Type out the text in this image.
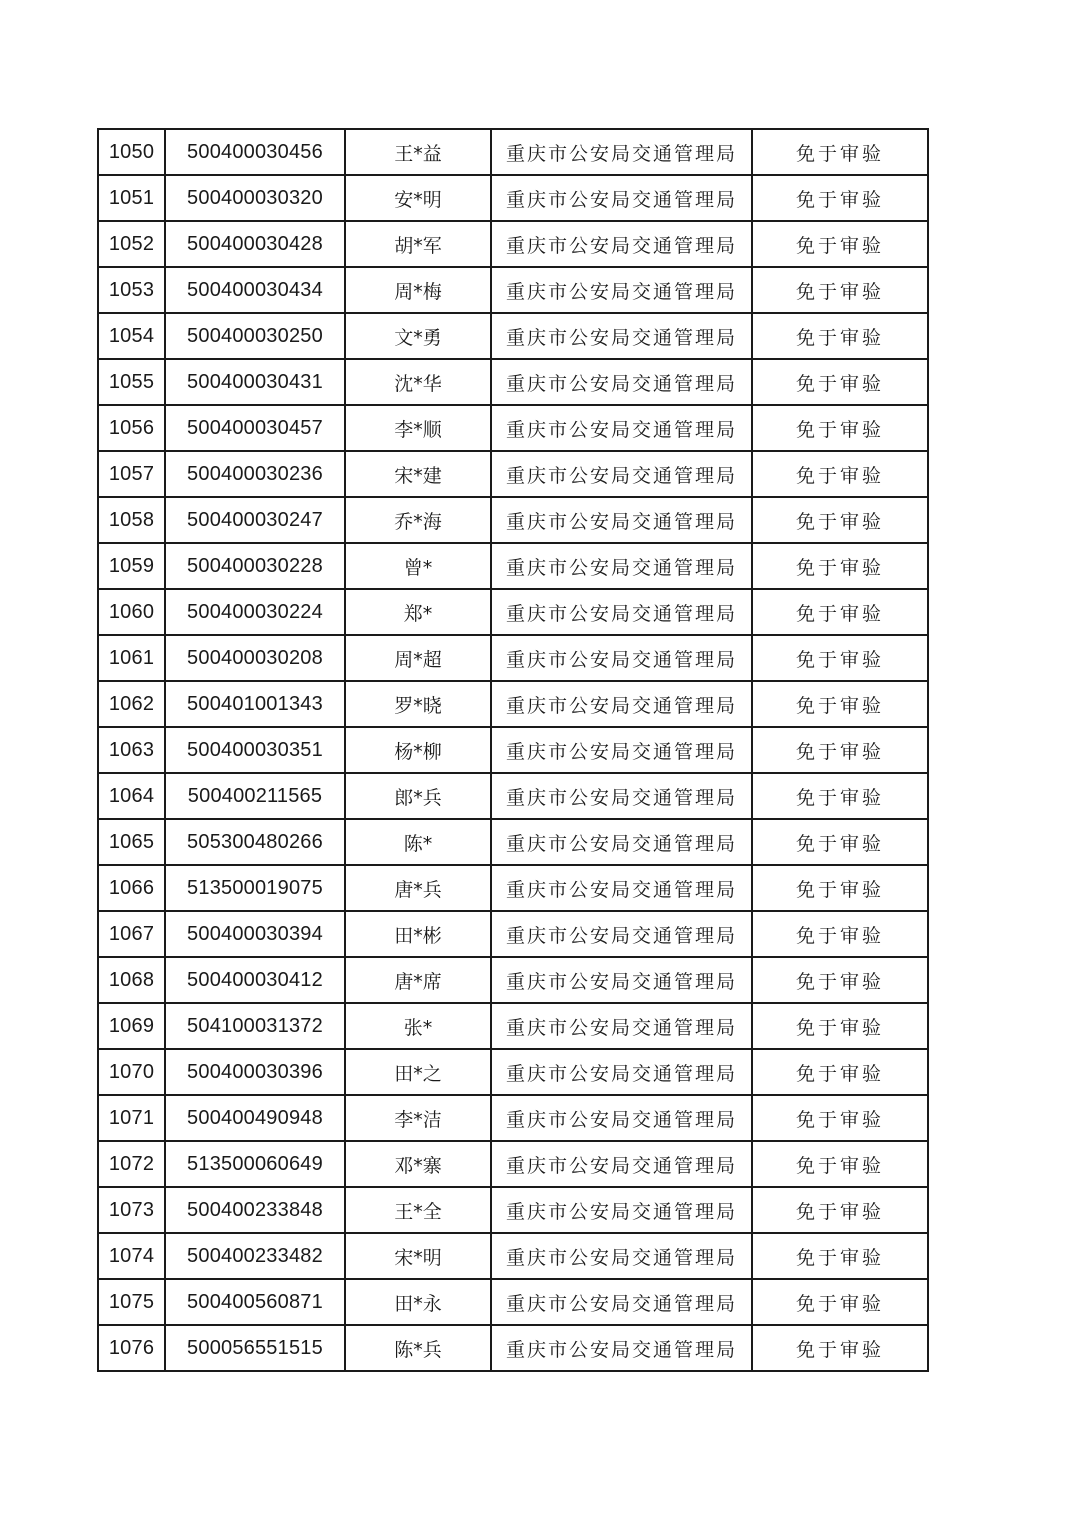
1050	500400030456	王*益	重庆市公安局交通管理局	免于审验
1051	500400030320	安*明	重庆市公安局交通管理局	免于审验
1052	500400030428	胡*军	重庆市公安局交通管理局	免于审验
1053	500400030434	周*梅	重庆市公安局交通管理局	免于审验
1054	500400030250	文*勇	重庆市公安局交通管理局	免于审验
1055	500400030431	沈*华	重庆市公安局交通管理局	免于审验
1056	500400030457	李*顺	重庆市公安局交通管理局	免于审验
1057	500400030236	宋*建	重庆市公安局交通管理局	免于审验
1058	500400030247	乔*海	重庆市公安局交通管理局	免于审验
1059	500400030228	曾*	重庆市公安局交通管理局	免于审验
1060	500400030224	郑*	重庆市公安局交通管理局	免于审验
1061	500400030208	周*超	重庆市公安局交通管理局	免于审验
1062	500401001343	罗*晓	重庆市公安局交通管理局	免于审验
1063	500400030351	杨*柳	重庆市公安局交通管理局	免于审验
1064	500400211565	郎*兵	重庆市公安局交通管理局	免于审验
1065	505300480266	陈*	重庆市公安局交通管理局	免于审验
1066	513500019075	唐*兵	重庆市公安局交通管理局	免于审验
1067	500400030394	田*彬	重庆市公安局交通管理局	免于审验
1068	500400030412	唐*席	重庆市公安局交通管理局	免于审验
1069	504100031372	张*	重庆市公安局交通管理局	免于审验
1070	500400030396	田*之	重庆市公安局交通管理局	免于审验
1071	500400490948	李*洁	重庆市公安局交通管理局	免于审验
1072	513500060649	邓*寨	重庆市公安局交通管理局	免于审验
1073	500400233848	王*全	重庆市公安局交通管理局	免于审验
1074	500400233482	宋*明	重庆市公安局交通管理局	免于审验
1075	500400560871	田*永	重庆市公安局交通管理局	免于审验
1076	500056551515	陈*兵	重庆市公安局交通管理局	免于审验
